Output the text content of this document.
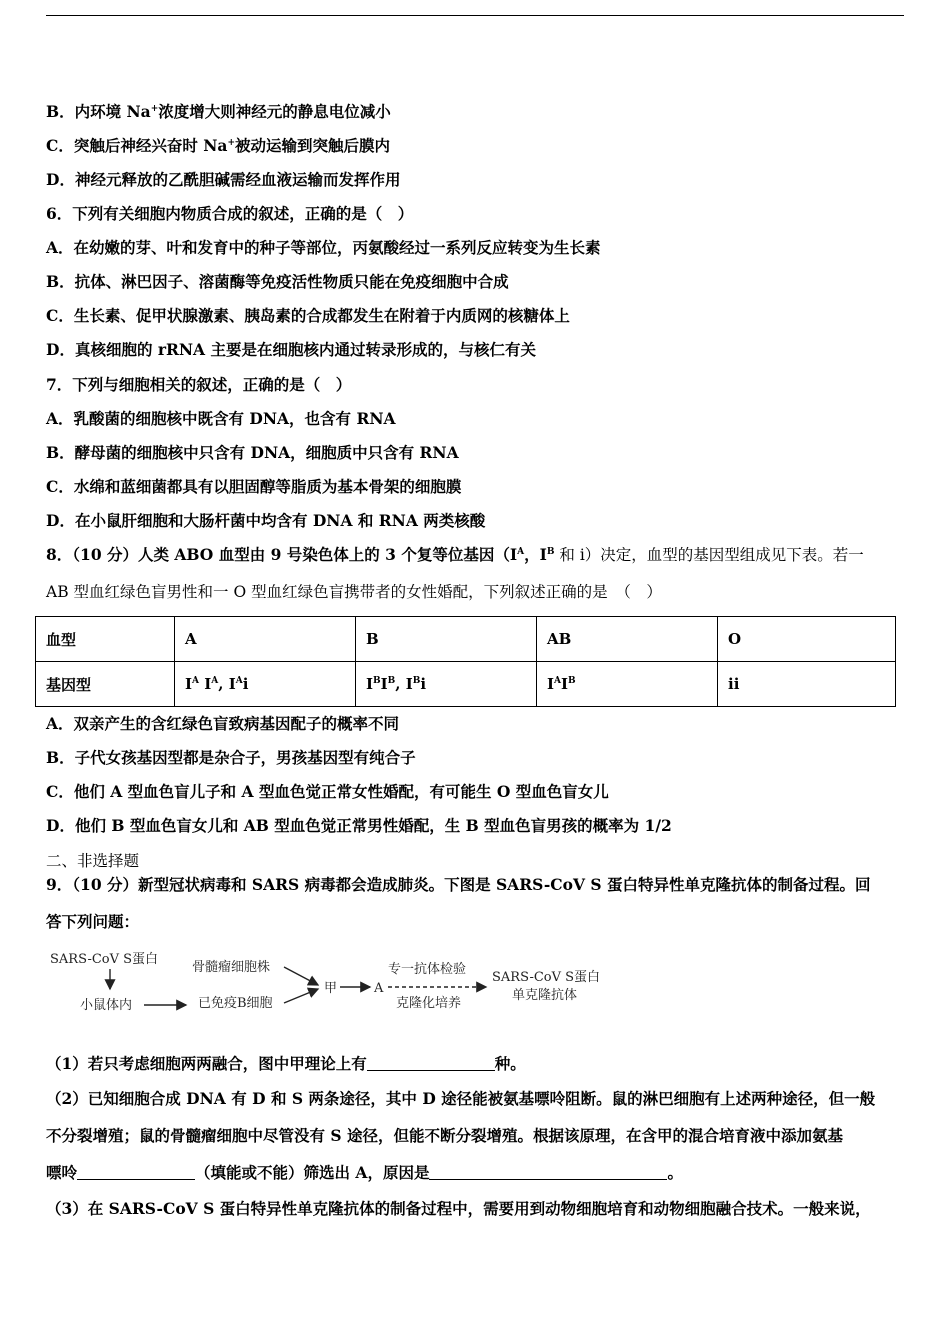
B．内环境 Na+浓度增大则神经元的静息电位减小
C．突触后神经兴奋时 Na+被动运输到突触后膜内
D．神经元释放的乙酰胆碱需经血液运输而发挥作用
6．下列有关细胞内物质合成的叙述，正确的是（　）
A．在幼嫩的芽、叶和发育中的种子等部位，丙氨酸经过一系列反应转变为生长素
B．抗体、淋巴因子、溶菌酶等免疫活性物质只能在免疫细胞中合成
C．生长素、促甲状腺激素、胰岛素的合成都发生在附着于内质网的核糖体上
D．真核细胞的 rRNA 主要是在细胞核内通过转录形成的，与核仁有关
7．下列与细胞相关的叙述，正确的是（　）
A．乳酸菌的细胞核中既含有 DNA，也含有 RNA
B．酵母菌的细胞核中只含有 DNA，细胞质中只含有 RNA
C．水绵和蓝细菌都具有以胆固醇等脂质为基本骨架的细胞膜
D．在小鼠肝细胞和大肠杆菌中均含有 DNA 和 RNA 两类核酸
8．（10 分）人类 ABO 血型由 9 号染色体上的 3 个复等位基因（$I^A$，$I^B$ 和 i）决定，血型的基因型组成见下表。若一
AB 型血红绿色盲男性和一 O 型血红绿色盲携带者的女性婚配，下列叙述正确的是　（　）
血型	A	B	AB	O
基因型	$I^A$ $I^A$, $I^Ai$	$I^BI^B$, $I^Bi$	$I^AI^B$	ii
A．双亲产生的含红绿色盲致病基因配子的概率不同
B．子代女孩基因型都是杂合子，男孩基因型有纯合子
C．他们 A 型血色盲儿子和 A 型血色觉正常女性婚配，有可能生 O 型血色盲女儿
D．他们 B 型血色盲女儿和 AB 型血色觉正常男性婚配，生 B 型血色盲男孩的概率为 1/2
二、非选择题
9．（10 分）新型冠状病毒和 SARS 病毒都会造成肺炎。下图是 SARS-CoV S 蛋白特异性单克隆抗体的制备过程。回
答下列问题：
SARS-CoV S蛋白
小鼠体内
骨髓瘤细胞株
已免疫B细胞
甲	A
专一抗体检验
克隆化培养
SARS-CoV S蛋白
单克隆抗体
（1）若只考虑细胞两两融合，图中甲理论上有	种。
（2）已知细胞合成 DNA 有 D 和 S 两条途径，其中 D 途径能被氨基嘌呤阻断。鼠的淋巴细胞有上述两种途径，但一般
不分裂增殖；鼠的骨髓瘤细胞中尽管没有 S 途径，但能不断分裂增殖。根据该原理，在含甲的混合培育液中添加氨基
嘌呤	（填能或不能）筛选出 A，原因是	。
（3）在 SARS-CoV S 蛋白特异性单克隆抗体的制备过程中，需要用到动物细胞培育和动物细胞融合技术。一般来说，
